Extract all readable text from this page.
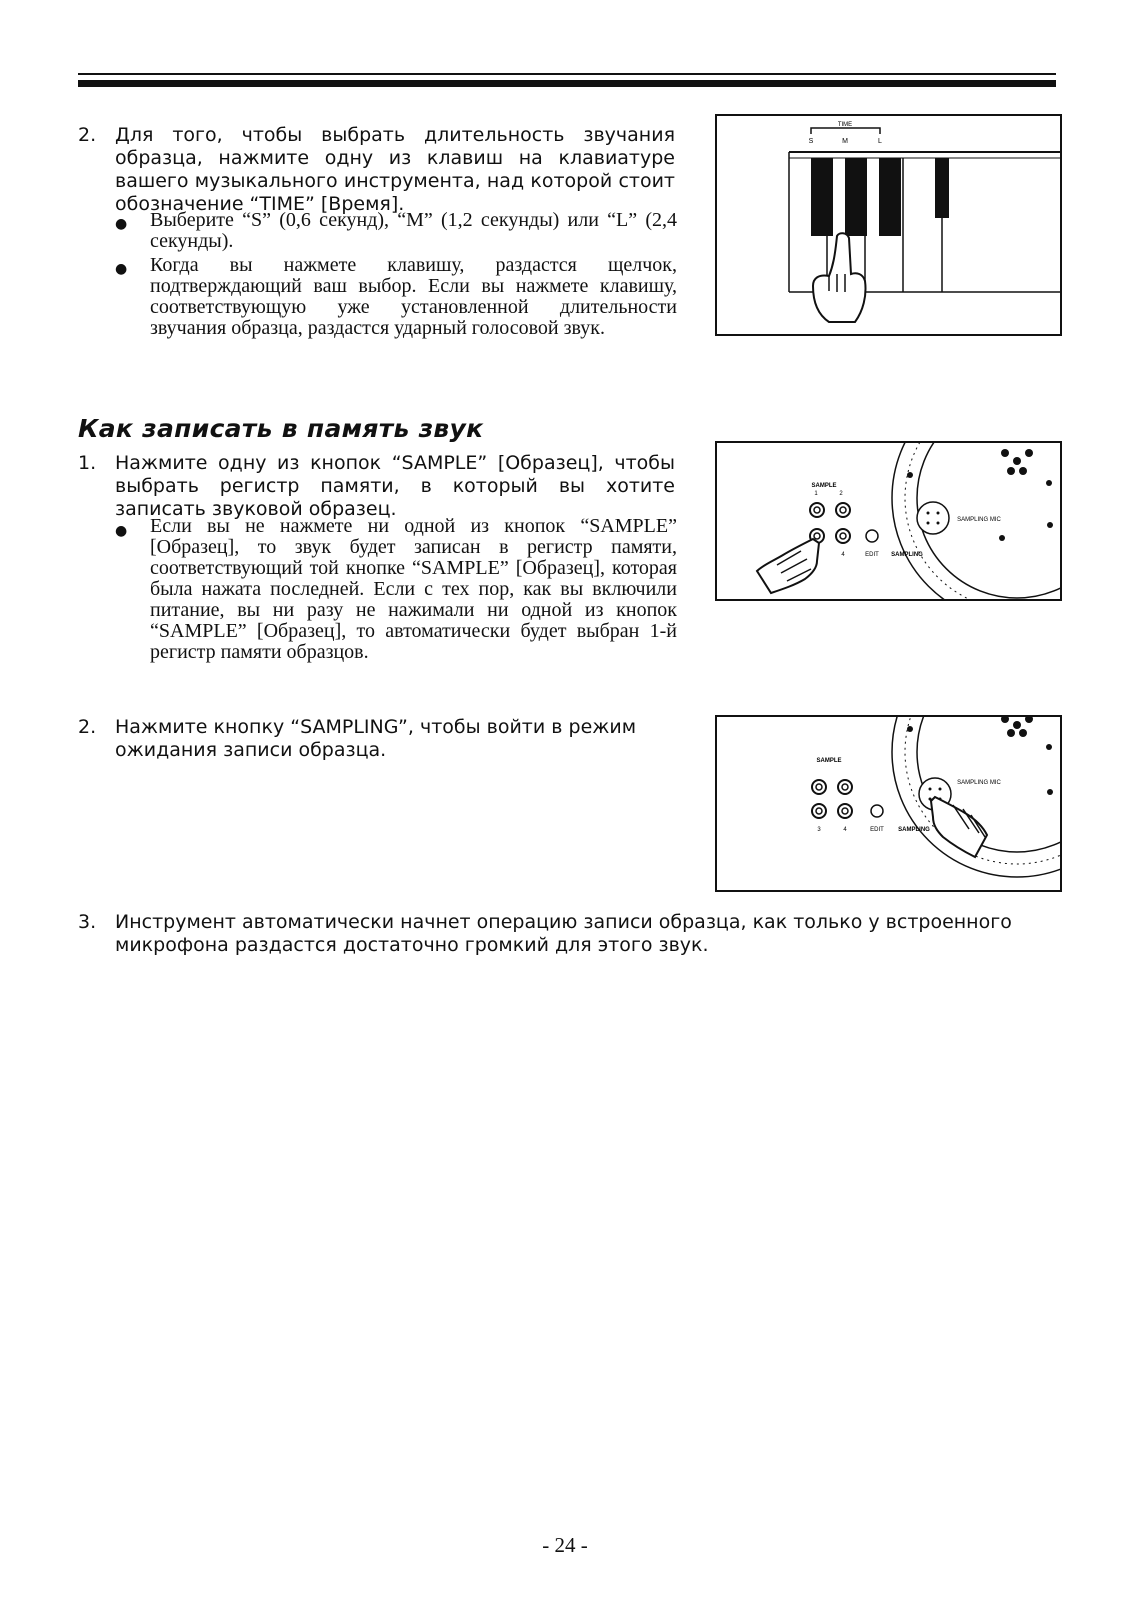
2. Для того, чтобы выбрать длительность звучания образца, нажмите одну из клавиш на клавиатуре вашего музыкального инструмента, над которой стоит обозначение “TIME” [Время].
● Выберите “S” (0,6 секунд), “M” (1,2 секунды) или “L” (2,4 секунды).
● Когда вы нажмете клавишу, раздастся щелчок, подтверждающий ваш выбор. Если вы нажмете клавишу, соответствующую уже установленной длительности звучания образца, раздастся ударный голосовой звук.
TIME
S	M	L
Как записать в память звук
1. Нажмите одну из кнопок “SAMPLE” [Образец], чтобы выбрать регистр памяти, в который вы хотите записать звуковой образец.
● Если вы не нажмете ни одной из кнопок “SAMPLE” [Образец], то звук будет записан в регистр памяти, соответствующий той кнопке “SAMPLE” [Образец], которая была нажата последней. Если с тех пор, как вы включили питание, вы ни разу не нажимали ни одной из кнопок “SAMPLE” [Образец], то автоматически будет выбран 1-й регистр памяти образцов.
SAMPLING MIC
SAMPLE
1	2
4	EDIT SAMPLING
2. Нажмите кнопку “SAMPLING”, чтобы войти в режим ожидания записи образца.
SAMPLING MIC
SAMPLE
3	4	EDIT SAMPLING
3. Инструмент автоматически начнет операцию записи образца, как только у встроенного микрофона раздастся достаточно громкий для этого звук.
- 24 -
